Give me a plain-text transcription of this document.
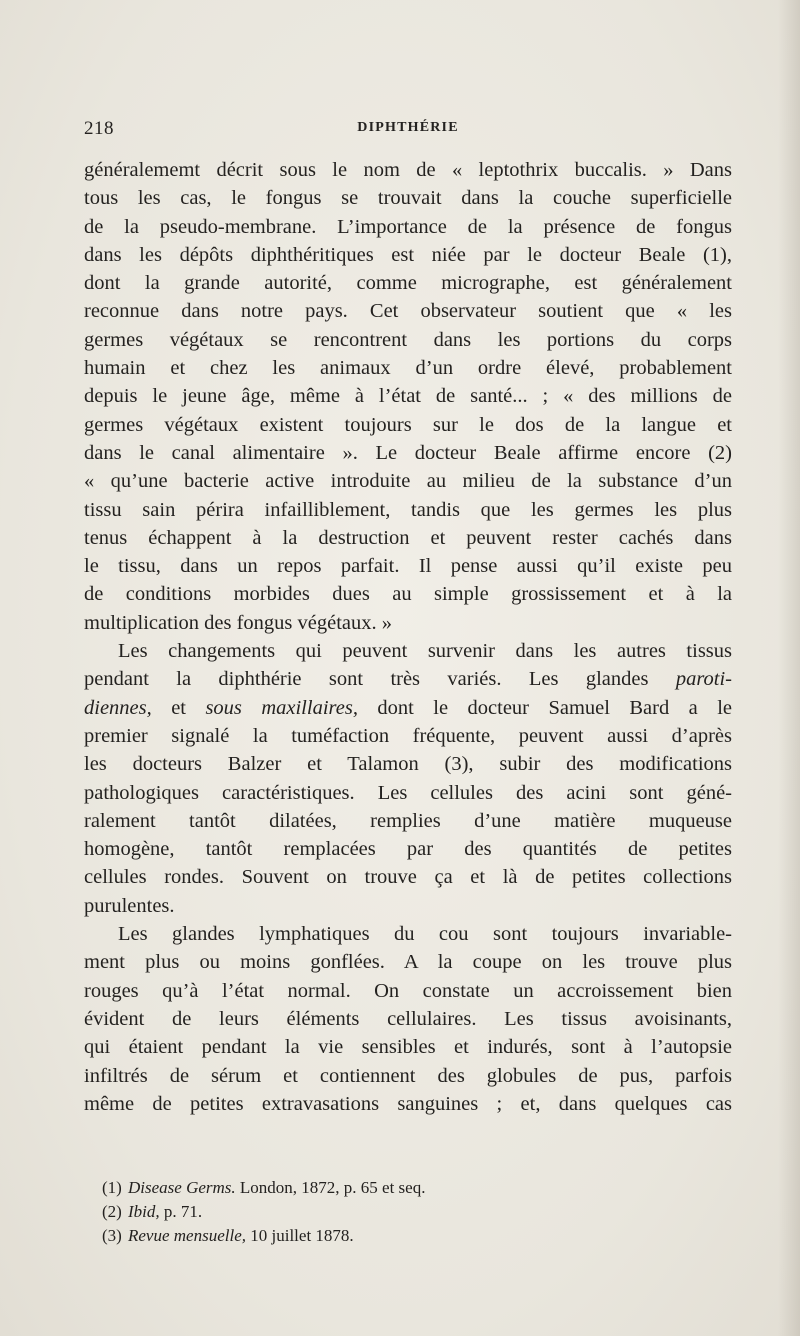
218	DIPHTHÉRIE

généralememt décrit sous le nom de « leptothrix buccalis. » Dans
tous les cas, le fongus se trouvait dans la couche superficielle
de la pseudo-membrane. L’importance de la présence de fongus
dans les dépôts diphthéritiques est niée par le docteur Beale (1),
dont la grande autorité, comme micrographe, est généralement
reconnue dans notre pays. Cet observateur soutient que « les
germes végétaux se rencontrent dans les portions du corps
humain et chez les animaux d’un ordre élevé, probablement
depuis le jeune âge, même à l’état de santé... ; « des millions de
germes végétaux existent toujours sur le dos de la langue et
dans le canal alimentaire ». Le docteur Beale affirme encore (2)
« qu’une bacterie active introduite au milieu de la substance d’un
tissu sain périra infailliblement, tandis que les germes les plus
tenus échappent à la destruction et peuvent rester cachés dans
le tissu, dans un repos parfait. Il pense aussi qu’il existe peu
de conditions morbides dues au simple grossissement et à la
multiplication des fongus végétaux. »

Les changements qui peuvent survenir dans les autres tissus
pendant la diphthérie sont très variés. Les glandes paroti-
diennes, et sous maxillaires, dont le docteur Samuel Bard a le
premier signalé la tuméfaction fréquente, peuvent aussi d’après
les docteurs Balzer et Talamon (3), subir des modifications
pathologiques caractéristiques. Les cellules des acini sont géné-
ralement tantôt dilatées, remplies d’une matière muqueuse
homogène, tantôt remplacées par des quantités de petites
cellules rondes. Souvent on trouve ça et là de petites collections
purulentes.

Les glandes lymphatiques du cou sont toujours invariable-
ment plus ou moins gonflées. A la coupe on les trouve plus
rouges qu’à l’état normal. On constate un accroissement bien
évident de leurs éléments cellulaires. Les tissus avoisinants,
qui étaient pendant la vie sensibles et indurés, sont à l’autopsie
infiltrés de sérum et contiennent des globules de pus, parfois
même de petites extravasations sanguines ; et, dans quelques cas

(1) Disease Germs. London, 1872, p. 65 et seq.
(2) Ibid, p. 71.
(3) Revue mensuelle, 10 juillet 1878.
